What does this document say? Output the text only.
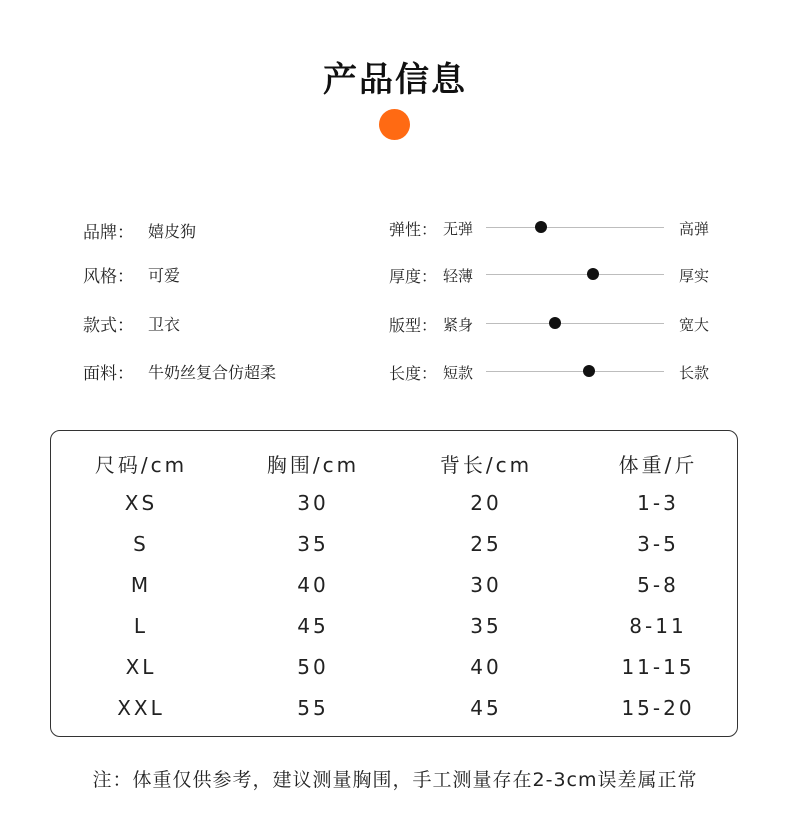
产品信息
品牌： 嬉皮狗
风格： 可爱
款式： 卫衣
面料： 牛奶丝复合仿超柔
弹性： 无弹	高弹
厚度： 轻薄	厚实
版型： 紧身	宽大
长度： 短款	长款
尺码/cm	胸围/cm	背长/cm	体重/斤
XS	30	20	1-3
S	35	25	3-5
M	40	30	5-8
L	45	35	8-11
XL	50	40	11-15
XXL	55	45	15-20
注：体重仅供参考，建议测量胸围，手工测量存在2-3cm误差属正常
